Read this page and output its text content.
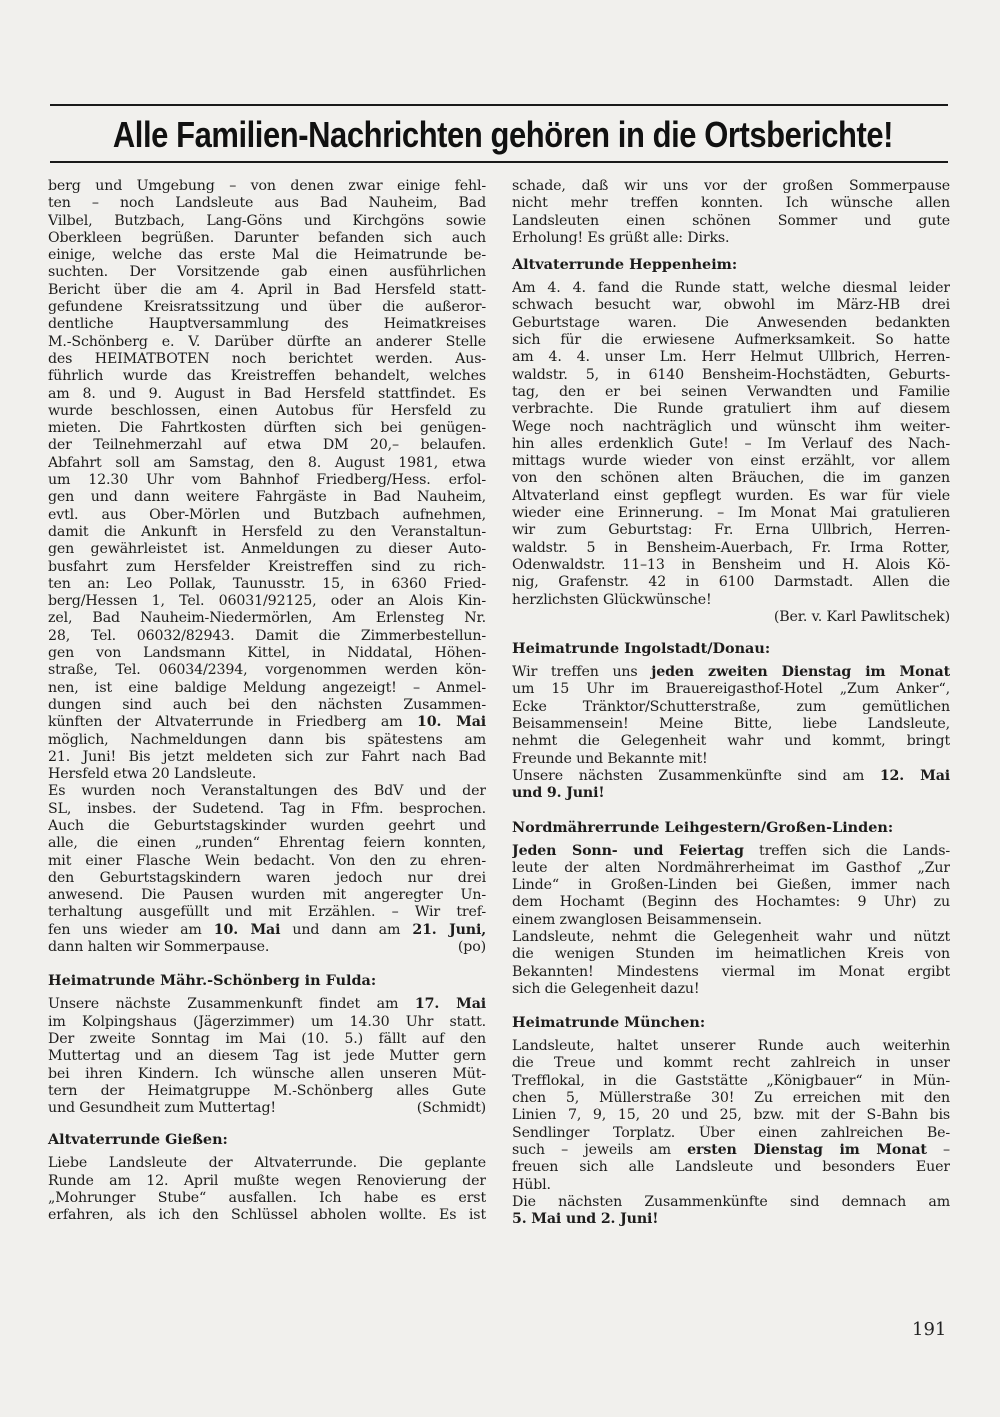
Alle Familien-Nachrichten gehören in die Ortsberichte!
berg und Umgebung – von denen zwar einige fehl-
ten – noch Landsleute aus Bad Nauheim, Bad
Vilbel, Butzbach, Lang-Göns und Kirchgöns sowie
Oberkleen begrüßen. Darunter befanden sich auch
einige, welche das erste Mal die Heimatrunde be-
suchten. Der Vorsitzende gab einen ausführlichen
Bericht über die am 4. April in Bad Hersfeld statt-
gefundene Kreisratssitzung und über die außeror-
dentliche Hauptversammlung des Heimatkreises
M.-Schönberg e. V. Darüber dürfte an anderer Stelle
des HEIMATBOTEN noch berichtet werden. Aus-
führlich wurde das Kreistreffen behandelt, welches
am 8. und 9. August in Bad Hersfeld stattfindet. Es
wurde beschlossen, einen Autobus für Hersfeld zu
mieten. Die Fahrtkosten dürften sich bei genügen-
der Teilnehmerzahl auf etwa DM 20,– belaufen.
Abfahrt soll am Samstag, den 8. August 1981, etwa
um 12.30 Uhr vom Bahnhof Friedberg/Hess. erfol-
gen und dann weitere Fahrgäste in Bad Nauheim,
evtl. aus Ober-Mörlen und Butzbach aufnehmen,
damit die Ankunft in Hersfeld zu den Veranstaltun-
gen gewährleistet ist. Anmeldungen zu dieser Auto-
busfahrt zum Hersfelder Kreistreffen sind zu rich-
ten an: Leo Pollak, Taunusstr. 15, in 6360 Fried-
berg/Hessen 1, Tel. 06031/92125, oder an Alois Kin-
zel, Bad Nauheim-Niedermörlen, Am Erlensteg Nr.
28, Tel. 06032/82943. Damit die Zimmerbestellun-
gen von Landsmann Kittel, in Niddatal, Höhen-
straße, Tel. 06034/2394, vorgenommen werden kön-
nen, ist eine baldige Meldung angezeigt! – Anmel-
dungen sind auch bei den nächsten Zusammen-
künften der Altvaterrunde in Friedberg am 10. Mai
möglich, Nachmeldungen dann bis spätestens am
21. Juni! Bis jetzt meldeten sich zur Fahrt nach Bad
Hersfeld etwa 20 Landsleute.
Es wurden noch Veranstaltungen des BdV und der
SL, insbes. der Sudetend. Tag in Ffm. besprochen.
Auch die Geburtstagskinder wurden geehrt und
alle, die einen „runden“ Ehrentag feiern konnten,
mit einer Flasche Wein bedacht. Von den zu ehren-
den Geburtstagskindern waren jedoch nur drei
anwesend. Die Pausen wurden mit angeregter Un-
terhaltung ausgefüllt und mit Erzählen. – Wir tref-
fen uns wieder am 10. Mai und dann am 21. Juni,
dann halten wir Sommerpause.	(po)
Heimatrunde Mähr.-Schönberg in Fulda:
Unsere nächste Zusammenkunft findet am 17. Mai
im Kolpingshaus (Jägerzimmer) um 14.30 Uhr statt.
Der zweite Sonntag im Mai (10. 5.) fällt auf den
Muttertag und an diesem Tag ist jede Mutter gern
bei ihren Kindern. Ich wünsche allen unseren Müt-
tern der Heimatgruppe M.-Schönberg alles Gute
und Gesundheit zum Muttertag!	(Schmidt)
Altvaterrunde Gießen:
Liebe Landsleute der Altvaterrunde. Die geplante
Runde am 12. April mußte wegen Renovierung der
„Mohrunger Stube“ ausfallen. Ich habe es erst
erfahren, als ich den Schlüssel abholen wollte. Es ist
schade, daß wir uns vor der großen Sommerpause
nicht mehr treffen konnten. Ich wünsche allen
Landsleuten einen schönen Sommer und gute
Erholung! Es grüßt alle: Dirks.
Altvaterrunde Heppenheim:
Am 4. 4. fand die Runde statt, welche diesmal leider
schwach besucht war, obwohl im März-HB drei
Geburtstage waren. Die Anwesenden bedankten
sich für die erwiesene Aufmerksamkeit. So hatte
am 4. 4. unser Lm. Herr Helmut Ullbrich, Herren-
waldstr. 5, in 6140 Bensheim-Hochstädten, Geburts-
tag, den er bei seinen Verwandten und Familie
verbrachte. Die Runde gratuliert ihm auf diesem
Wege noch nachträglich und wünscht ihm weiter-
hin alles erdenklich Gute! – Im Verlauf des Nach-
mittags wurde wieder von einst erzählt, vor allem
von den schönen alten Bräuchen, die im ganzen
Altvaterland einst gepflegt wurden. Es war für viele
wieder eine Erinnerung. – Im Monat Mai gratulieren
wir zum Geburtstag: Fr. Erna Ullbrich, Herren-
waldstr. 5 in Bensheim-Auerbach, Fr. Irma Rotter,
Odenwaldstr. 11–13 in Bensheim und H. Alois Kö-
nig, Grafenstr. 42 in 6100 Darmstadt. Allen die
herzlichsten Glückwünsche!
(Ber. v. Karl Pawlitschek)
Heimatrunde Ingolstadt/Donau:
Wir treffen uns jeden zweiten Dienstag im Monat
um 15 Uhr im Brauereigasthof-Hotel „Zum Anker“,
Ecke Tränktor/Schutterstraße, zum gemütlichen
Beisammensein! Meine Bitte, liebe Landsleute,
nehmt die Gelegenheit wahr und kommt, bringt
Freunde und Bekannte mit!
Unsere nächsten Zusammenkünfte sind am 12. Mai
und 9. Juni!
Nordmährerrunde Leihgestern/Großen-Linden:
Jeden Sonn- und Feiertag treffen sich die Lands-
leute der alten Nordmährerheimat im Gasthof „Zur
Linde“ in Großen-Linden bei Gießen, immer nach
dem Hochamt (Beginn des Hochamtes: 9 Uhr) zu
einem zwanglosen Beisammensein.
Landsleute, nehmt die Gelegenheit wahr und nützt
die wenigen Stunden im heimatlichen Kreis von
Bekannten! Mindestens viermal im Monat ergibt
sich die Gelegenheit dazu!
Heimatrunde München:
Landsleute, haltet unserer Runde auch weiterhin
die Treue und kommt recht zahlreich in unser
Trefflokal, in die Gaststätte „Königbauer“ in Mün-
chen 5, Müllerstraße 30! Zu erreichen mit den
Linien 7, 9, 15, 20 und 25, bzw. mit der S-Bahn bis
Sendlinger Torplatz. Über einen zahlreichen Be-
such – jeweils am ersten Dienstag im Monat –
freuen sich alle Landsleute und besonders Euer
Hübl.
Die nächsten Zusammenkünfte sind demnach am
5. Mai und 2. Juni!
191
